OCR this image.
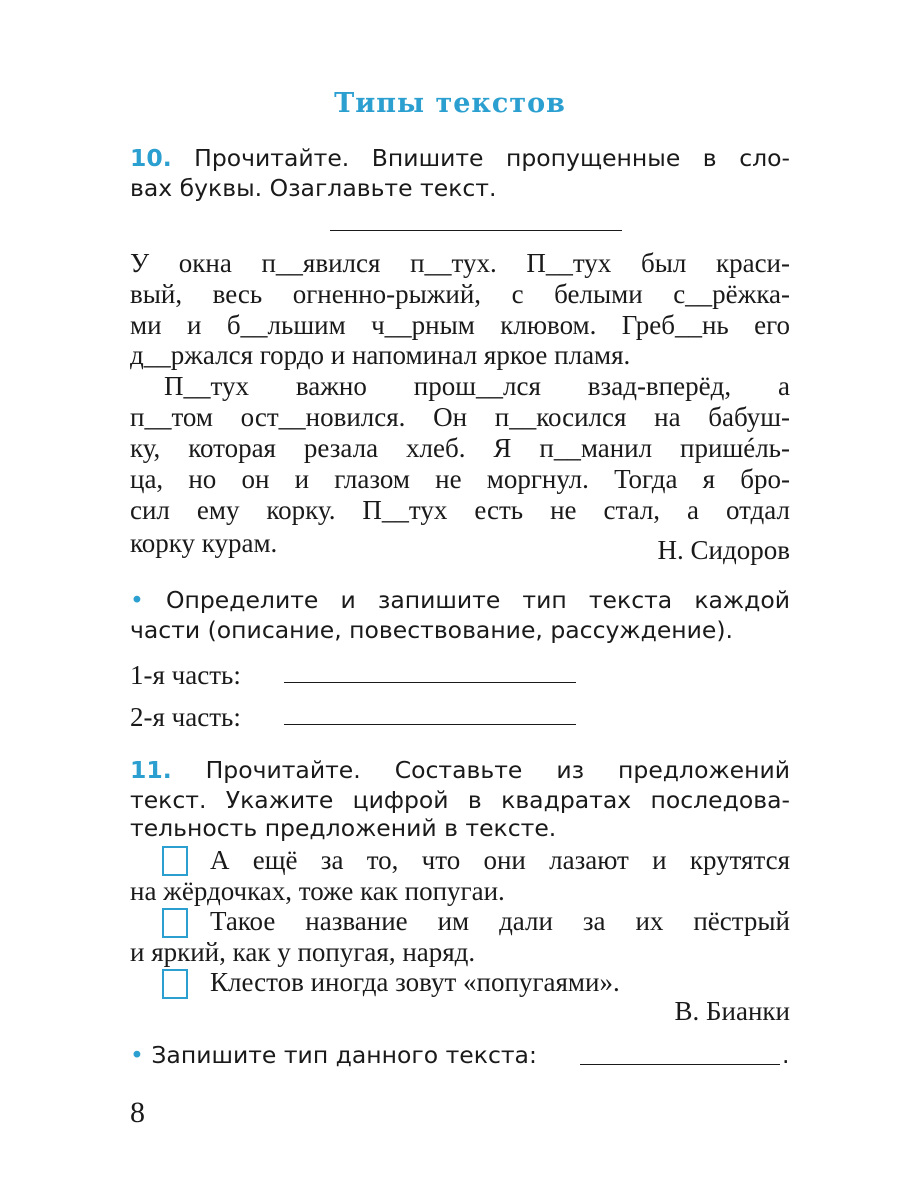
Типы текстов
10. Прочитайте. Впишите пропущенные в сло-
вах буквы. Озаглавьте текст.
У окна п__явился п__тух. П__тух был краси-
вый, весь огненно-рыжий, с белыми с__рёжка-
ми и б__льшим ч__рным клювом. Греб__нь его
д__ржался гордо и напоминал яркое пламя.
П__тух важно прош__лся взад-вперёд, а
п__том ост__новился. Он п__косился на бабуш-
ку, которая резала хлеб. Я п__манил пришéль-
ца, но он и глазом не моргнул. Тогда я бро-
сил ему корку. П__тух есть не стал, а отдал
корку курам.	Н. Сидоров
• Определите и запишите тип текста каждой
части (описание, повествование, рассуждение).
1-я часть:
2-я часть:
11. Прочитайте. Составьте из предложений
текст. Укажите цифрой в квадратах последова-
тельность предложений в тексте.
А ещё за то, что они лазают и крутятся
на жёрдочках, тоже как попугаи.
Такое название им дали за их пёстрый
и яркий, как у попугая, наряд.
Клестов иногда зовут «попугаями».
В. Бианки
• Запишите тип данного текста:	.
8
